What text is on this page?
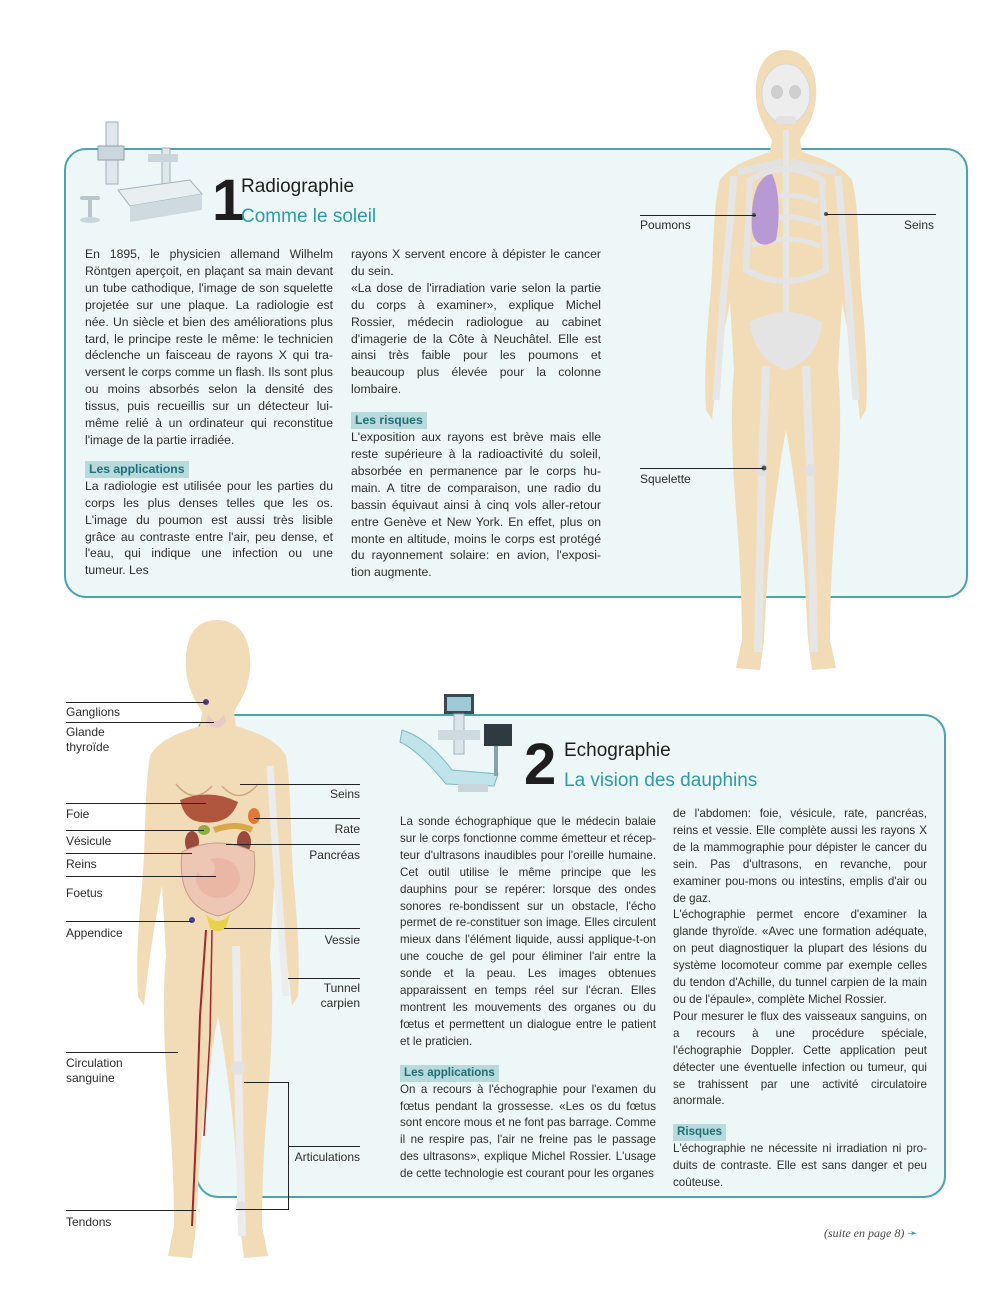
1
Radiographie
Comme le soleil

En 1895, le physicien allemand Wilhelm Röntgen aperçoit, en plaçant sa main devant un tube cathodique, l'image de son squelette projetée sur une plaque. La radiologie est née. Un siècle et bien des améliorations plus tard, le principe reste le même: le technicien déclenche un faisceau de rayons X qui tra-versent le corps comme un flash. Ils sont plus ou moins absorbés selon la densité des tissus, puis recueillis sur un détecteur lui-même relié à un ordinateur qui reconstitue l'image de la partie irradiée.

Les applications

La radiologie est utilisée pour les parties du corps les plus denses telles que les os. L'image du poumon est aussi très lisible grâce au contraste entre l'air, peu dense, et l'eau, qui indique une infection ou une tumeur. Les

rayons X servent encore à dépister le cancer du sein.

«La dose de l'irradiation varie selon la partie du corps à examiner», explique Michel Rossier, médecin radiologue au cabinet d'imagerie de la Côte à Neuchâtel. Elle est ainsi très faible pour les poumons et beaucoup plus élevée pour la colonne lombaire.

Les risques

L'exposition aux rayons est brève mais elle reste supérieure à la radioactivité du soleil, absorbée en permanence par le corps hu-main. A titre de comparaison, une radio du bassin équivaut ainsi à cinq vols aller-retour entre Genève et New York. En effet, plus on monte en altitude, moins le corps est protégé du rayonnement solaire: en avion, l'exposi-tion augmente.

Poumons	Seins
Squelette
2 Echographie
La vision des dauphins

La sonde échographique que le médecin balaie sur le corps fonctionne comme émetteur et récep-teur d'ultrasons inaudibles pour l'oreille humaine. Cet outil utilise le même principe que les dauphins pour se repérer: lorsque des ondes sonores re-bondissent sur un obstacle, l'écho permet de re-constituer son image. Elles circulent mieux dans l'élément liquide, aussi applique-t-on une couche de gel pour éliminer l'air entre la sonde et la peau. Les images obtenues apparaissent en temps réel sur l'écran. Elles montrent les mouvements des organes ou du fœtus et permettent un dialogue entre le patient et le praticien.

Les applications

On a recours à l'échographie pour l'examen du fœtus pendant la grossesse. «Les os du fœtus sont encore mous et ne font pas barrage. Comme il ne respire pas, l'air ne freine pas le passage des ultrasons», explique Michel Rossier. L'usage de cette technologie est courant pour les organes

de l'abdomen: foie, vésicule, rate, pancréas, reins et vessie. Elle complète aussi les rayons X de la mammographie pour dépister le cancer du sein. Pas d'ultrasons, en revanche, pour examiner pou-mons ou intestins, emplis d'air ou de gaz.

L'échographie permet encore d'examiner la glande thyroïde. «Avec une formation adéquate, on peut diagnostiquer la plupart des lésions du système locomoteur comme par exemple celles du tendon d'Achille, du tunnel carpien de la main ou de l'épaule», complète Michel Rossier.

Pour mesurer le flux des vaisseaux sanguins, on a recours à une procédure spéciale, l'échographie Doppler. Cette application peut détecter une éventuelle infection ou tumeur, qui se trahissent par une activité circulatoire anormale.

Risques

L'échographie ne nécessite ni irradiation ni pro-duits de contraste. Elle est sans danger et peu coûteuse.

Ganglions
Glande thyroïde
Seins
Foie
Rate
Vésicule
Pancréas
Reins
Foetus
Appendice	Vessie
Tunnel carpien
Circulation sanguine
Articulations
Tendons
(suite en page 8) ➛
